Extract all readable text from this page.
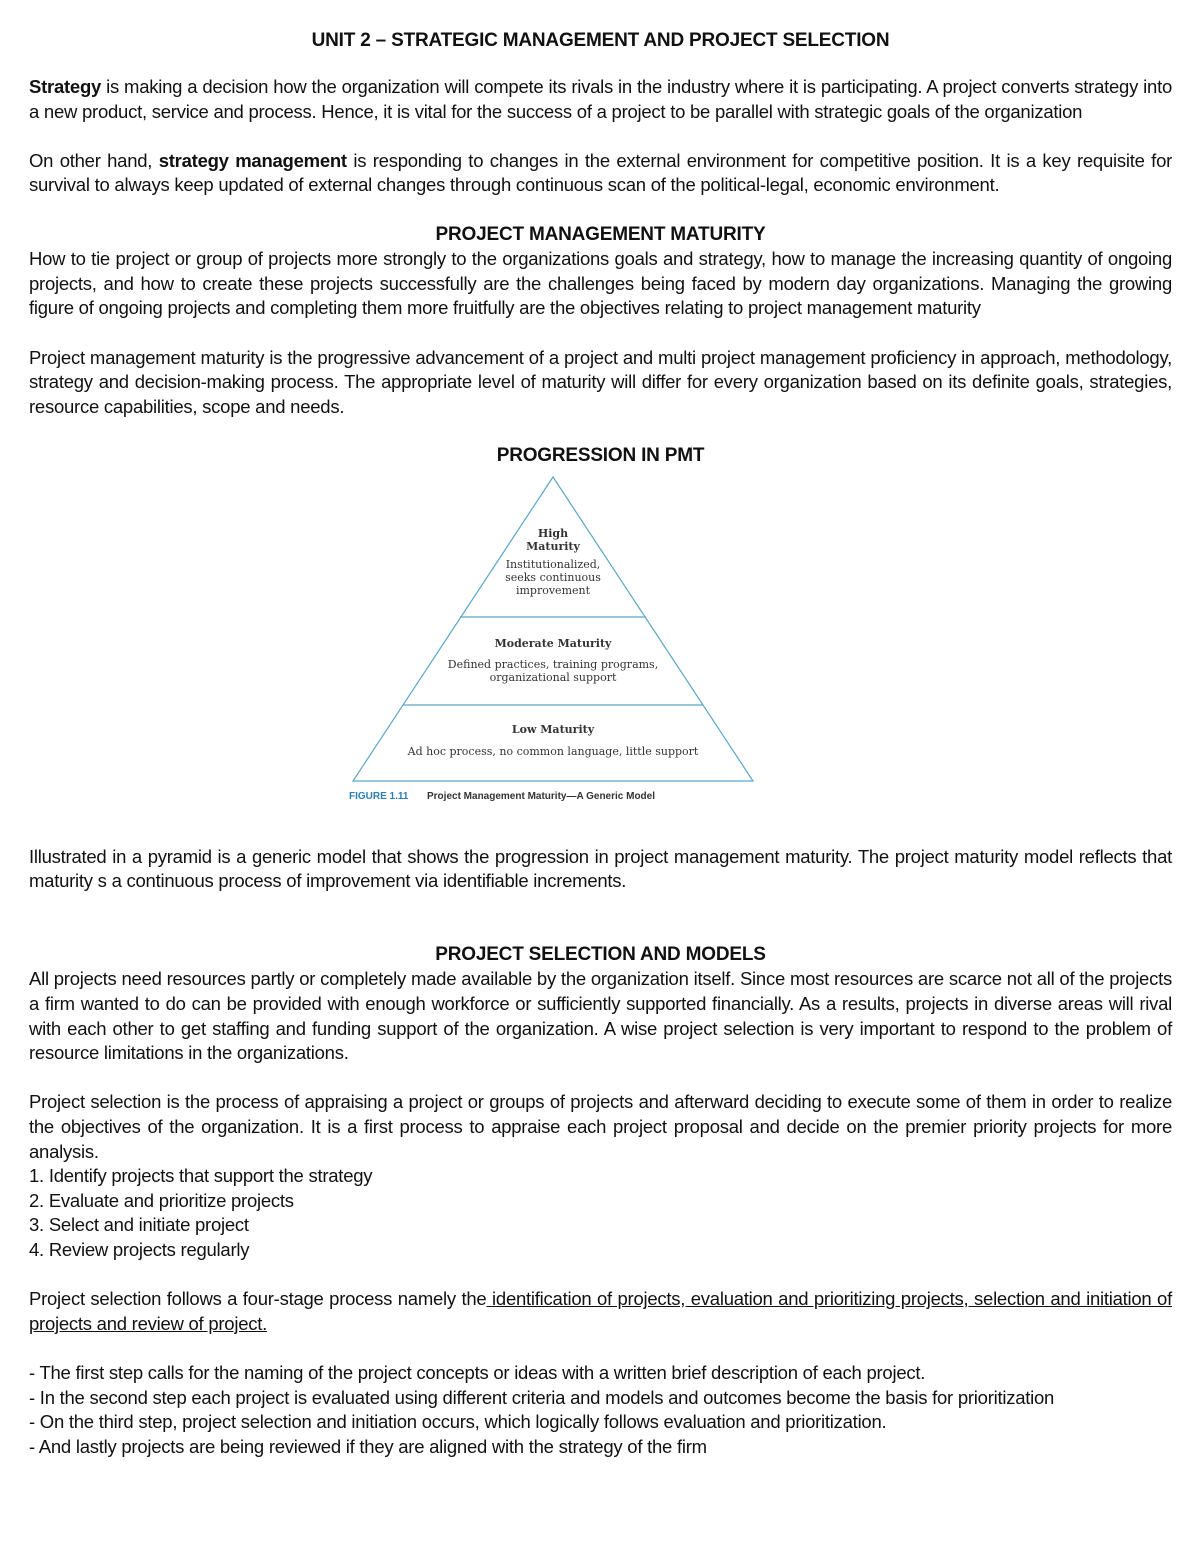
UNIT 2 – STRATEGIC MANAGEMENT AND PROJECT SELECTION

Strategy is making a decision how the organization will compete its rivals in the industry where it is participating. A project converts strategy into a new product, service and process. Hence, it is vital for the success of a project to be parallel with strategic goals of the organization

On other hand, strategy management is responding to changes in the external environment for competitive position. It is a key requisite for survival to always keep updated of external changes through continuous scan of the political-legal, economic environment.

PROJECT MANAGEMENT MATURITY

How to tie project or group of projects more strongly to the organizations goals and strategy, how to manage the increasing quantity of ongoing projects, and how to create these projects successfully are the challenges being faced by modern day organizations. Managing the growing figure of ongoing projects and completing them more fruitfully are the objectives relating to project management maturity

Project management maturity is the progressive advancement of a project and multi project management proficiency in approach, methodology, strategy and decision-making process. The appropriate level of maturity will differ for every organization based on its definite goals, strategies, resource capabilities, scope and needs.

PROGRESSION IN PMT
High
Maturity
Institutionalized,
seeks continuous
improvement
Moderate Maturity
Defined practices, training programs,
organizational support
Low Maturity
Ad hoc process, no common language, little support
FIGURE 1.11 Project Management Maturity—A Generic Model

Illustrated in a pyramid is a generic model that shows the progression in project management maturity. The project maturity model reflects that maturity s a continuous process of improvement via identifiable increments.

PROJECT SELECTION AND MODELS

All projects need resources partly or completely made available by the organization itself. Since most resources are scarce not all of the projects a firm wanted to do can be provided with enough workforce or sufficiently supported financially. As a results, projects in diverse areas will rival with each other to get staffing and funding support of the organization. A wise project selection is very important to respond to the problem of resource limitations in the organizations.

Project selection is the process of appraising a project or groups of projects and afterward deciding to execute some of them in order to realize the objectives of the organization. It is a first process to appraise each project proposal and decide on the premier priority projects for more analysis.

1. Identify projects that support the strategy
2. Evaluate and prioritize projects
3. Select and initiate project
4. Review projects regularly

Project selection follows a four-stage process namely the identification of projects, evaluation and prioritizing projects, selection and initiation of projects and review of project.

- The first step calls for the naming of the project concepts or ideas with a written brief description of each project.
- In the second step each project is evaluated using different criteria and models and outcomes become the basis for prioritization
- On the third step, project selection and initiation occurs, which logically follows evaluation and prioritization.
- And lastly projects are being reviewed if they are aligned with the strategy of the firm
